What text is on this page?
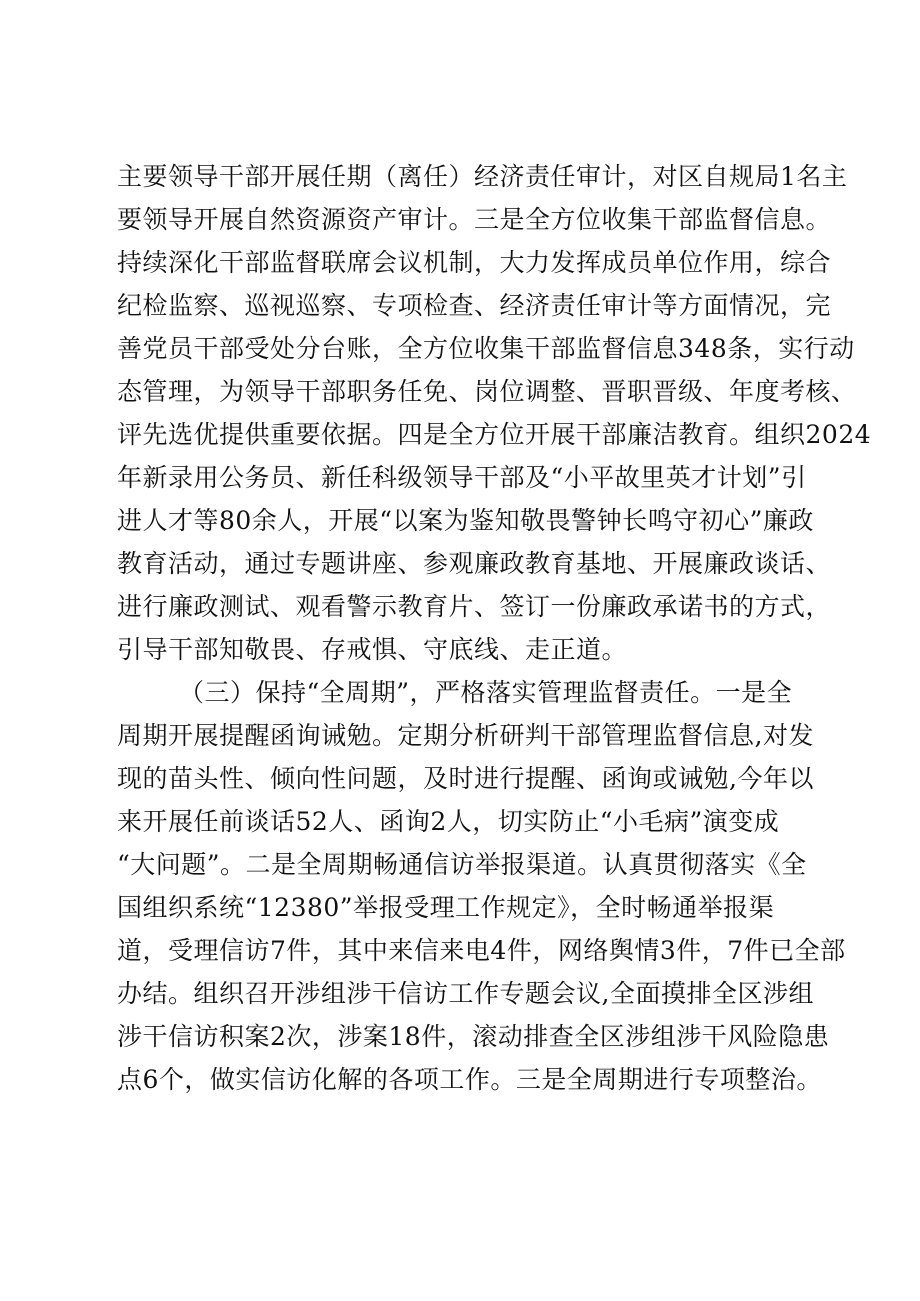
主要领导干部开展任期（离任）经济责任审计，对区自规局1名主
要领导开展自然资源资产审计。三是全方位收集干部监督信息。
持续深化干部监督联席会议机制，大力发挥成员单位作用，综合
纪检监察、巡视巡察、专项检查、经济责任审计等方面情况，完
善党员干部受处分台账，全方位收集干部监督信息348条，实行动
态管理，为领导干部职务任免、岗位调整、晋职晋级、年度考核、
评先选优提供重要依据。四是全方位开展干部廉洁教育。组织2024
年新录用公务员、新任科级领导干部及“小平故里英才计划”引
进人才等80余人，开展“以案为鉴知敬畏警钟长鸣守初心”廉政
教育活动，通过专题讲座、参观廉政教育基地、开展廉政谈话、
进行廉政测试、观看警示教育片、签订一份廉政承诺书的方式，
引导干部知敬畏、存戒惧、守底线、走正道。
（三）保持“全周期”，严格落实管理监督责任。一是全
周期开展提醒函询诫勉。定期分析研判干部管理监督信息,对发
现的苗头性、倾向性问题，及时进行提醒、函询或诫勉,今年以
来开展任前谈话52人、函询2人，切实防止“小毛病”演变成
“大问题”。二是全周期畅通信访举报渠道。认真贯彻落实《全
国组织系统“12380”举报受理工作规定》，全时畅通举报渠
道，受理信访7件，其中来信来电4件，网络舆情3件，7件已全部
办结。组织召开涉组涉干信访工作专题会议,全面摸排全区涉组
涉干信访积案2次，涉案18件，滚动排查全区涉组涉干风险隐患
点6个，做实信访化解的各项工作。三是全周期进行专项整治。
